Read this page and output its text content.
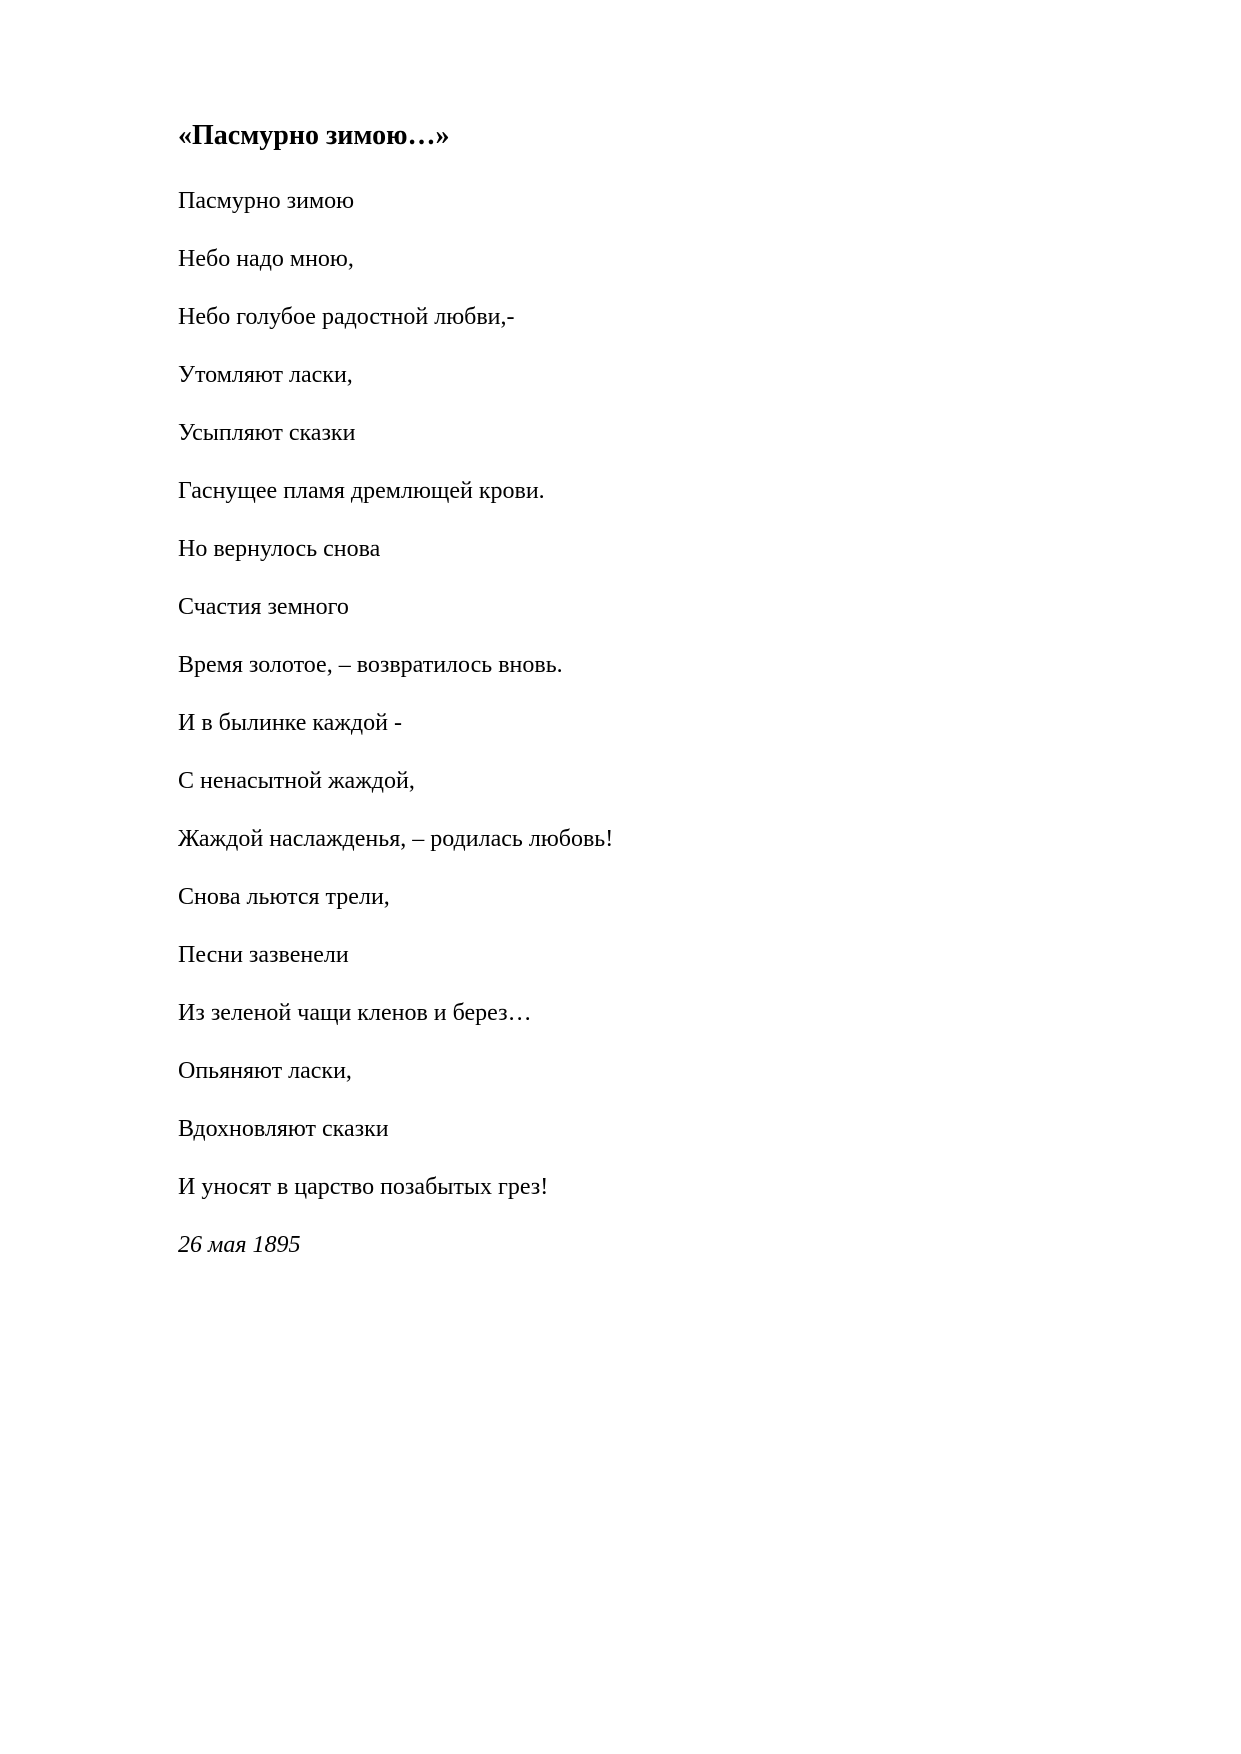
«Пасмурно зимою…»
Пасмурно зимою
Небо надо мною,
Небо голубое радостной любви,-
Утомляют ласки,
Усыпляют сказки
Гаснущее пламя дремлющей крови.
Но вернулось снова
Счастия земного
Время золотое, – возвратилось вновь.
И в былинке каждой -
С ненасытной жаждой,
Жаждой наслажденья, – родилась любовь!
Снова льются трели,
Песни зазвенели
Из зеленой чащи кленов и берез…
Опьяняют ласки,
Вдохновляют сказки
И уносят в царство позабытых грез!
26 мая 1895
